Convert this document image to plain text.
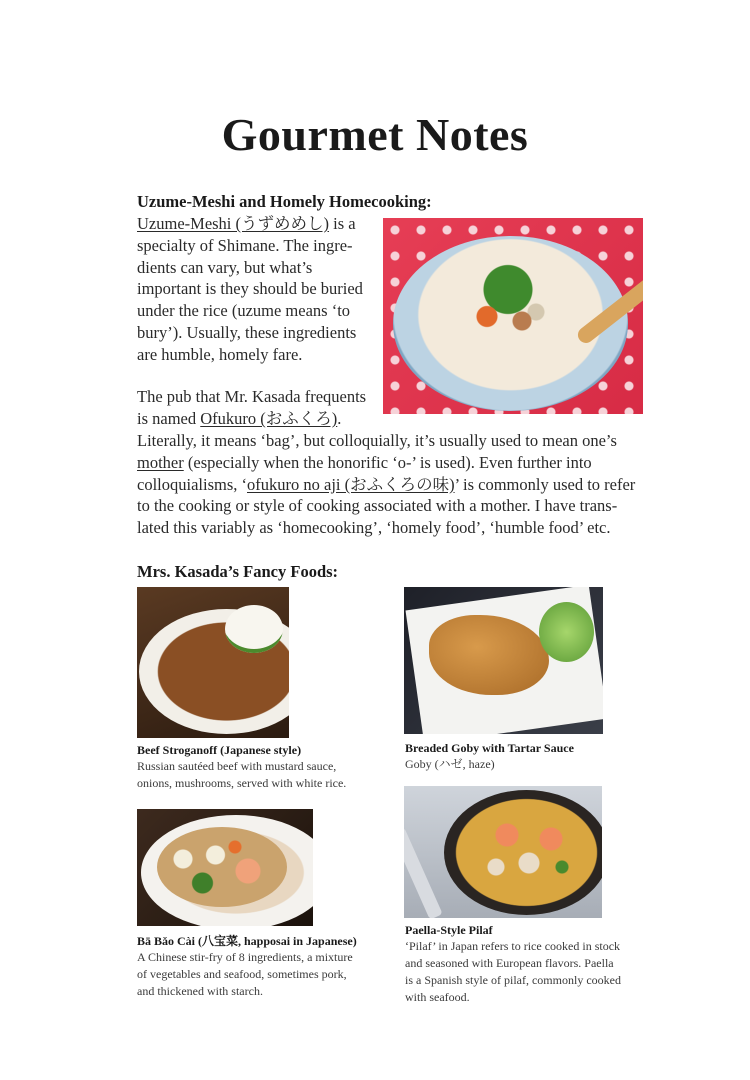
Gourmet Notes
Uzume-Meshi and Homely Homecooking:
Uzume-Meshi (うずめめし) is a
specialty of Shimane. The ingre-
dients can vary, but what’s
important is they should be buried
under the rice (uzume means ‘to
bury’). Usually, these ingredients
are humble, homely fare.
The pub that Mr. Kasada frequents
is named Ofukuro (おふくろ).
Literally, it means ‘bag’, but colloquially, it’s usually used to mean one’s
mother (especially when the honorific ‘o-’ is used). Even further into
colloquialisms, ‘ofukuro no aji (おふくろの味)’ is commonly used to refer
to the cooking or style of cooking associated with a mother. I have trans-
lated this variably as ‘homecooking’, ‘homely food’, ‘humble food’ etc.
Mrs. Kasada’s Fancy Foods:
Beef Stroganoff (Japanese style)
Russian sautéed beef with mustard sauce,
onions, mushrooms, served with white rice.
Breaded Goby with Tartar Sauce
Goby (ハゼ, haze)
Bā Bǎo Cài (八宝菜, happosai in Japanese)
A Chinese stir-fry of 8 ingredients, a mixture
of vegetables and seafood, sometimes pork,
and thickened with starch.
Paella-Style Pilaf
‘Pilaf’ in Japan refers to rice cooked in stock
and seasoned with European flavors. Paella
is a Spanish style of pilaf, commonly cooked
with seafood.
